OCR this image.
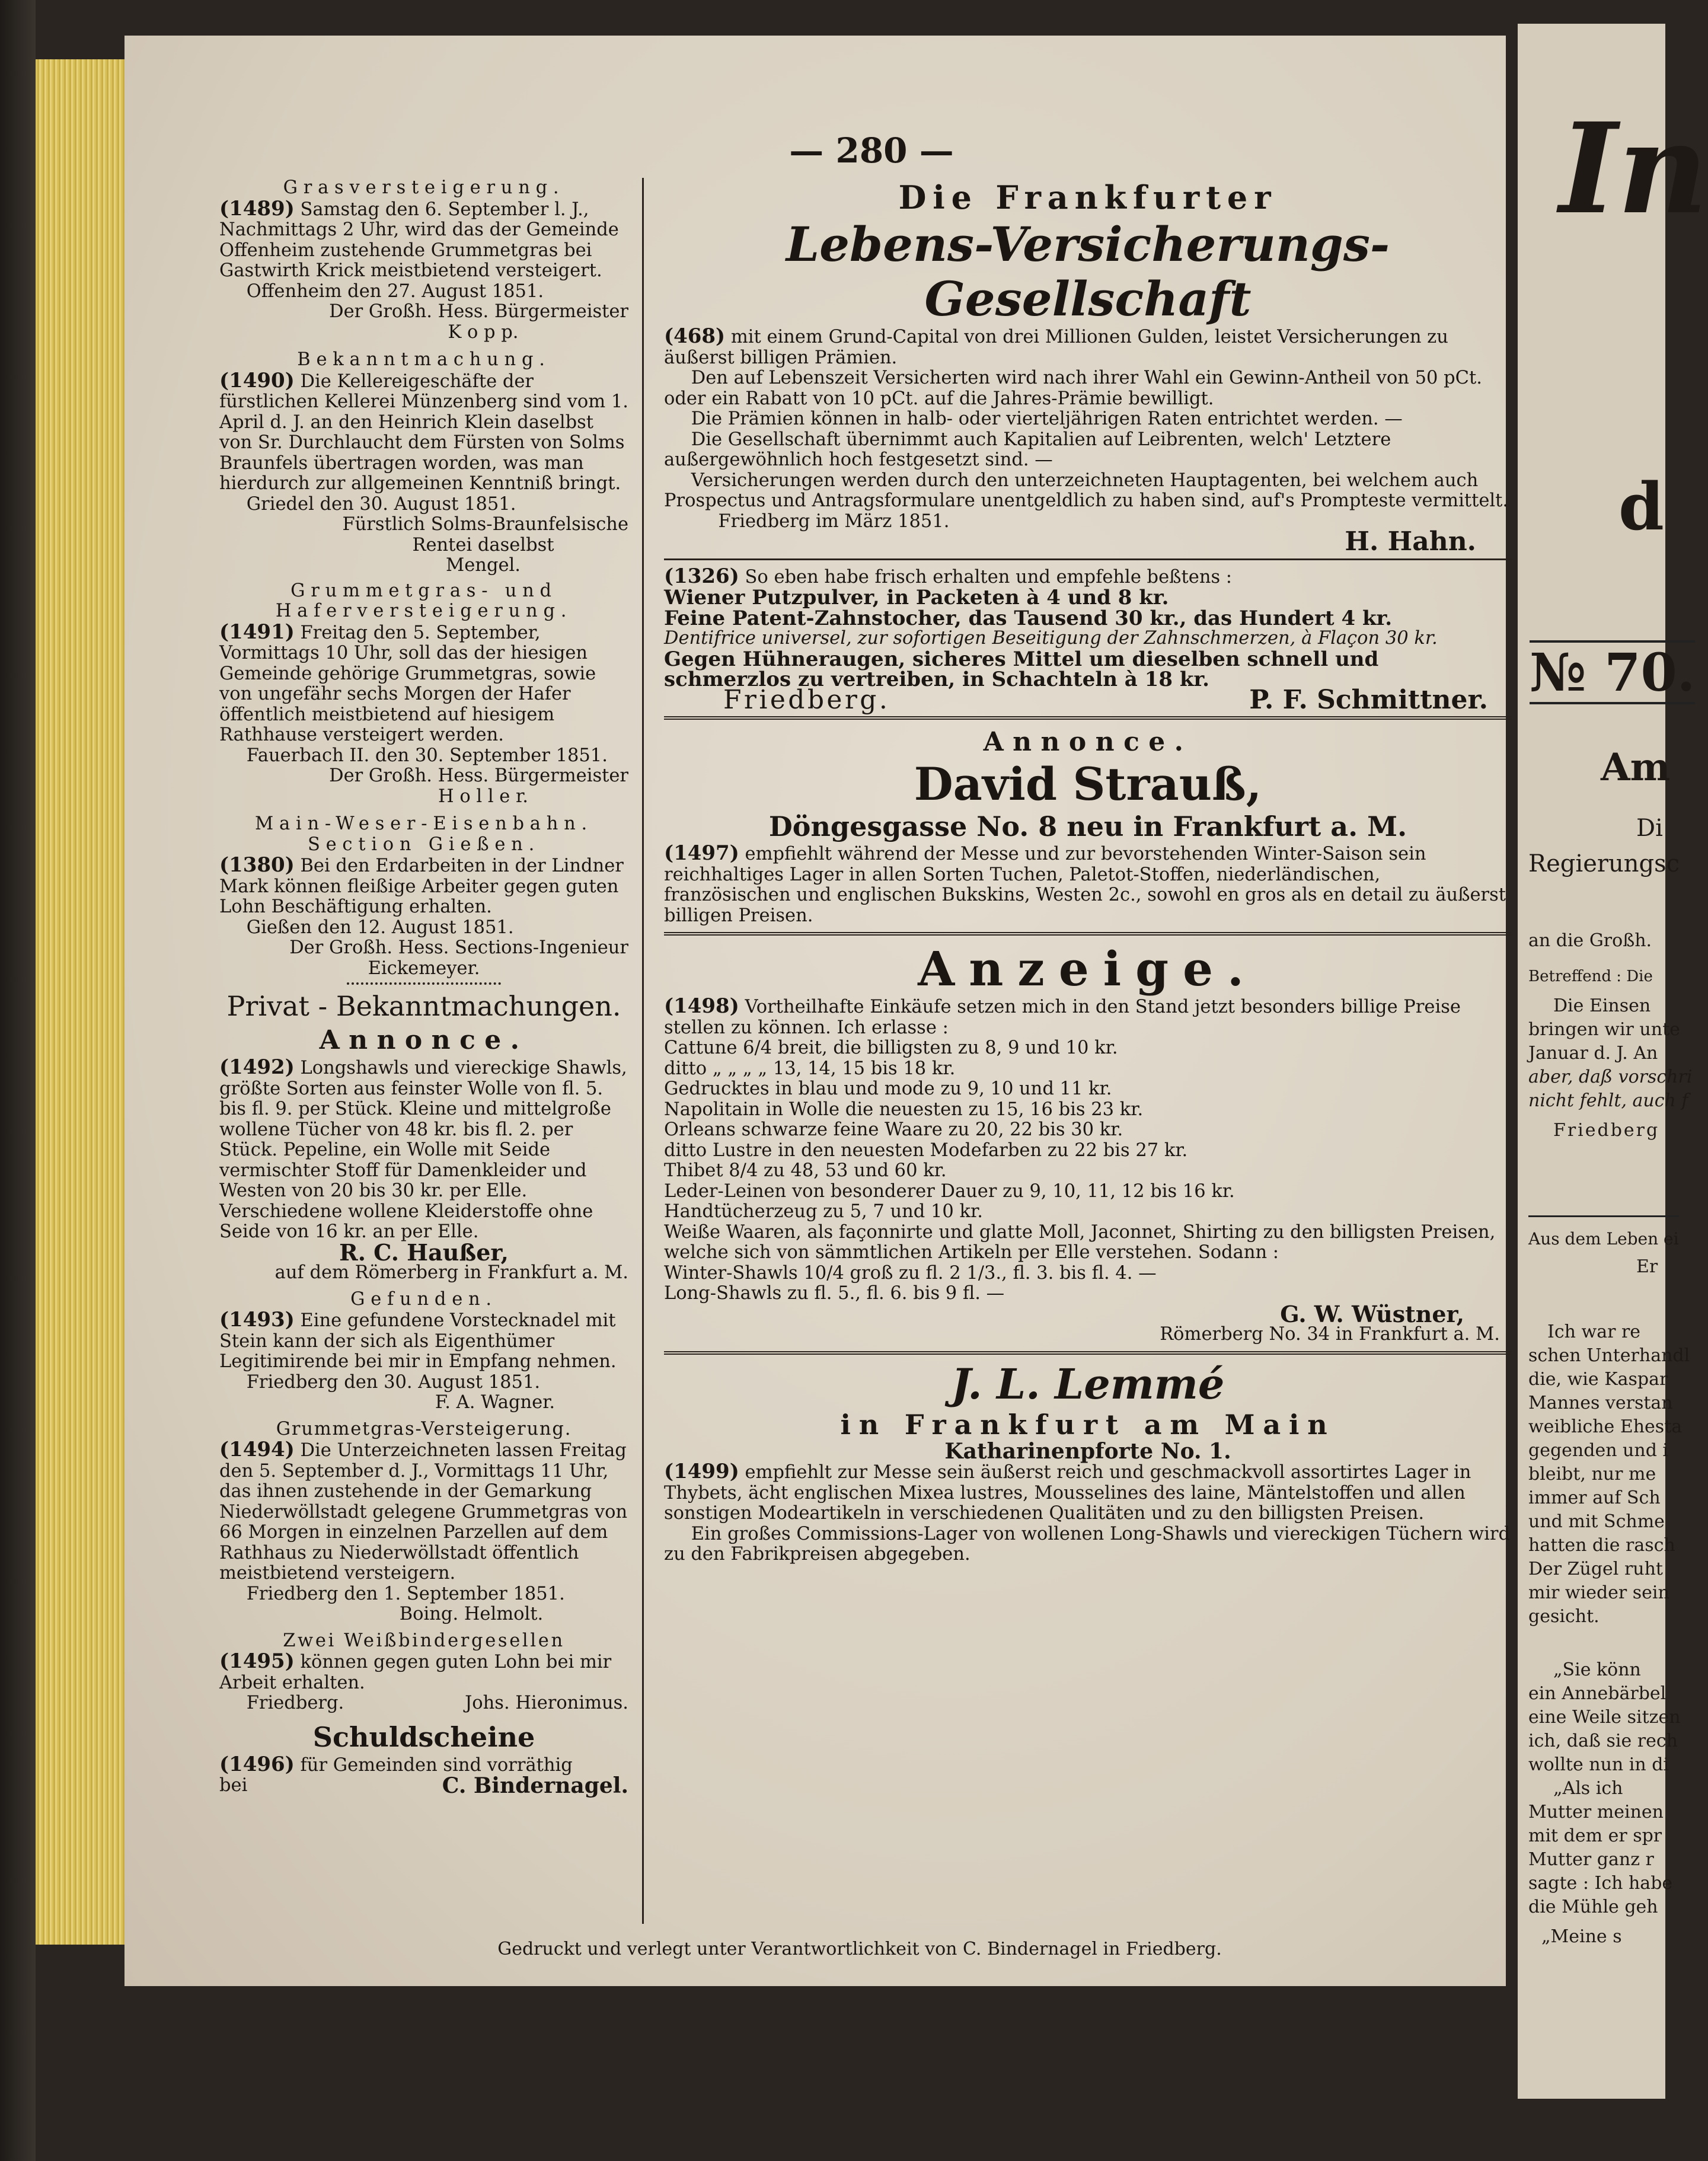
— 280 —
Grasversteigerung.

(1489) Samstag den 6. September l. J., Nachmittags 2 Uhr, wird das der Gemeinde Offenheim zustehende Grummetgras bei Gastwirth Krick meistbietend versteigert.

Offenheim den 27. August 1851.
Der Großh. Hess. Bürgermeister
K o p p.
Bekanntmachung.

(1490) Die Kellereigeschäfte der fürstlichen Kellerei Münzenberg sind vom 1. April d. J. an den Heinrich Klein daselbst von Sr. Durchlaucht dem Fürsten von Solms Braunfels übertragen worden, was man hierdurch zur allgemeinen Kenntniß bringt.

Griedel den 30. August 1851.
Fürstlich Solms-Braunfelsische
Rentei daselbst
Mengel.
Grummetgras- und Haferversteigerung.

(1491) Freitag den 5. September, Vormittags 10 Uhr, soll das der hiesigen Gemeinde gehörige Grummetgras, sowie von ungefähr sechs Morgen der Hafer öffentlich meistbietend auf hiesigem Rathhause versteigert werden.

Fauerbach II. den 30. September 1851.
Der Großh. Hess. Bürgermeister
H o l l e r.
Main-Weser-Eisenbahn.
Section Gießen.

(1380) Bei den Erdarbeiten in der Lindner Mark können fleißige Arbeiter gegen guten Lohn Beschäftigung erhalten.

Gießen den 12. August 1851.
Der Großh. Hess. Sections-Ingenieur
Eickemeyer.
Privat - Bekanntmachungen.
Annonce.

(1492) Longshawls und viereckige Shawls, größte Sorten aus feinster Wolle von fl. 5. bis fl. 9. per Stück. Kleine und mittelgroße wollene Tücher von 48 kr. bis fl. 2. per Stück. Pepeline, ein Wolle mit Seide vermischter Stoff für Damenkleider und Westen von 20 bis 30 kr. per Elle. Verschiedene wollene Kleiderstoffe ohne Seide von 16 kr. an per Elle.

R. C. Haußer,
auf dem Römerberg in Frankfurt a. M.
Gefunden.

(1493) Eine gefundene Vorstecknadel mit Stein kann der sich als Eigenthümer Legitimirende bei mir in Empfang nehmen.

Friedberg den 30. August 1851.
F. A. Wagner.
Grummetgras-Versteigerung.

(1494) Die Unterzeichneten lassen Freitag den 5. September d. J., Vormittags 11 Uhr, das ihnen zustehende in der Gemarkung Niederwöllstadt gelegene Grummetgras von 66 Morgen in einzelnen Parzellen auf dem Rathhaus zu Niederwöllstadt öffentlich meistbietend versteigern.

Friedberg den 1. September 1851.
Boing. Helmolt.
Zwei Weißbindergesellen

(1495) können gegen guten Lohn bei mir Arbeit erhalten.

Friedberg.	Johs. Hieronimus.
Schuldscheine

(1496) für Gemeinden sind vorräthig

bei	C. Bindernagel.
Die Frankfurter
Lebens-Versicherungs-Gesellschaft

(468) mit einem Grund-Capital von drei Millionen Gulden, leistet Versicherungen zu äußerst billigen Prämien.

Den auf Lebenszeit Versicherten wird nach ihrer Wahl ein Gewinn-Antheil von 50 pCt. oder ein Rabatt von 10 pCt. auf die Jahres-Prämie bewilligt.

Die Prämien können in halb- oder vierteljährigen Raten entrichtet werden. —

Die Gesellschaft übernimmt auch Kapitalien auf Leibrenten, welch' Letztere außergewöhnlich hoch festgesetzt sind. —

Versicherungen werden durch den unterzeichneten Hauptagenten, bei welchem auch Prospectus und Antragsformulare unentgeldlich zu haben sind, auf's Prompteste vermittelt.

Friedberg im März 1851.
H. Hahn.

(1326) So eben habe frisch erhalten und empfehle beßtens :

Wiener Putzpulver, in Packeten à 4 und 8 kr.
Feine Patent-Zahnstocher, das Tausend 30 kr., das Hundert 4 kr.
Dentifrice universel, zur sofortigen Beseitigung der Zahnschmerzen, à Flaçon 30 kr.
Gegen Hühneraugen, sicheres Mittel um dieselben schnell und schmerzlos zu vertreiben, in Schachteln à 18 kr.
Friedberg.	P. F. Schmittner.
Annonce.
David Strauß,
Döngesgasse No. 8 neu in Frankfurt a. M.

(1497) empfiehlt während der Messe und zur bevorstehenden Winter-Saison sein reichhaltiges Lager in allen Sorten Tuchen, Paletot-Stoffen, niederländischen, französischen und englischen Bukskins, Westen 2c., sowohl en gros als en detail zu äußerst billigen Preisen.

Anzeige.

(1498) Vortheilhafte Einkäufe setzen mich in den Stand jetzt besonders billige Preise stellen zu können. Ich erlasse :

Cattune 6/4 breit, die billigsten zu 8, 9 und 10 kr.
ditto „ „ „ „ 13, 14, 15 bis 18 kr.
Gedrucktes in blau und mode zu 9, 10 und 11 kr.
Napolitain in Wolle die neuesten zu 15, 16 bis 23 kr.
Orleans schwarze feine Waare zu 20, 22 bis 30 kr.
ditto Lustre in den neuesten Modefarben zu 22 bis 27 kr.
Thibet 8/4 zu 48, 53 und 60 kr.
Leder-Leinen von besonderer Dauer zu 9, 10, 11, 12 bis 16 kr.
Handtücherzeug zu 5, 7 und 10 kr.
Weiße Waaren, als façonnirte und glatte Moll, Jaconnet, Shirting zu den billigsten Preisen, welche sich von sämmtlichen Artikeln per Elle verstehen. Sodann :
Winter-Shawls 10/4 groß zu fl. 2 1/3., fl. 3. bis fl. 4. —
Long-Shawls zu fl. 5., fl. 6. bis 9 fl. —
G. W. Wüstner,
Römerberg No. 34 in Frankfurt a. M.
J. L. Lemmé
in Frankfurt am Main
Katharinenpforte No. 1.

(1499) empfiehlt zur Messe sein äußerst reich und geschmackvoll assortirtes Lager in Thybets, ächt englischen Mixea lustres, Mousselines des laine, Mäntelstoffen und allen sonstigen Modeartikeln in verschiedenen Qualitäten und zu den billigsten Preisen.

Ein großes Commissions-Lager von wollenen Long-Shawls und viereckigen Tüchern wird zu den Fabrikpreisen abgegeben.

Gedruckt und verlegt unter Verantwortlichkeit von C. Bindernagel in Friedberg.
In
d
№ 70.
Am
Di
Regierungsc
an die Großh.
Betreffend : Die
Die Einsen
bringen wir unte
Januar d. J. An
aber, daß vorschri
nicht fehlt, auch f
Friedberg
Aus dem Leben ei
Er
Ich war re
schen Unterhandl
die, wie Kaspar
Mannes verstan
weibliche Ehesta
gegenden und i
bleibt, nur me
immer auf Sch
und mit Schme
hatten die rasch
Der Zügel ruht
mir wieder sein
gesicht.
„Sie könn
ein Annebärbel
eine Weile sitzen
ich, daß sie rech
wollte nun in di
„Als ich
Mutter meinen
mit dem er spr
Mutter ganz r
sagte : Ich habe
die Mühle geh
„Meine s
